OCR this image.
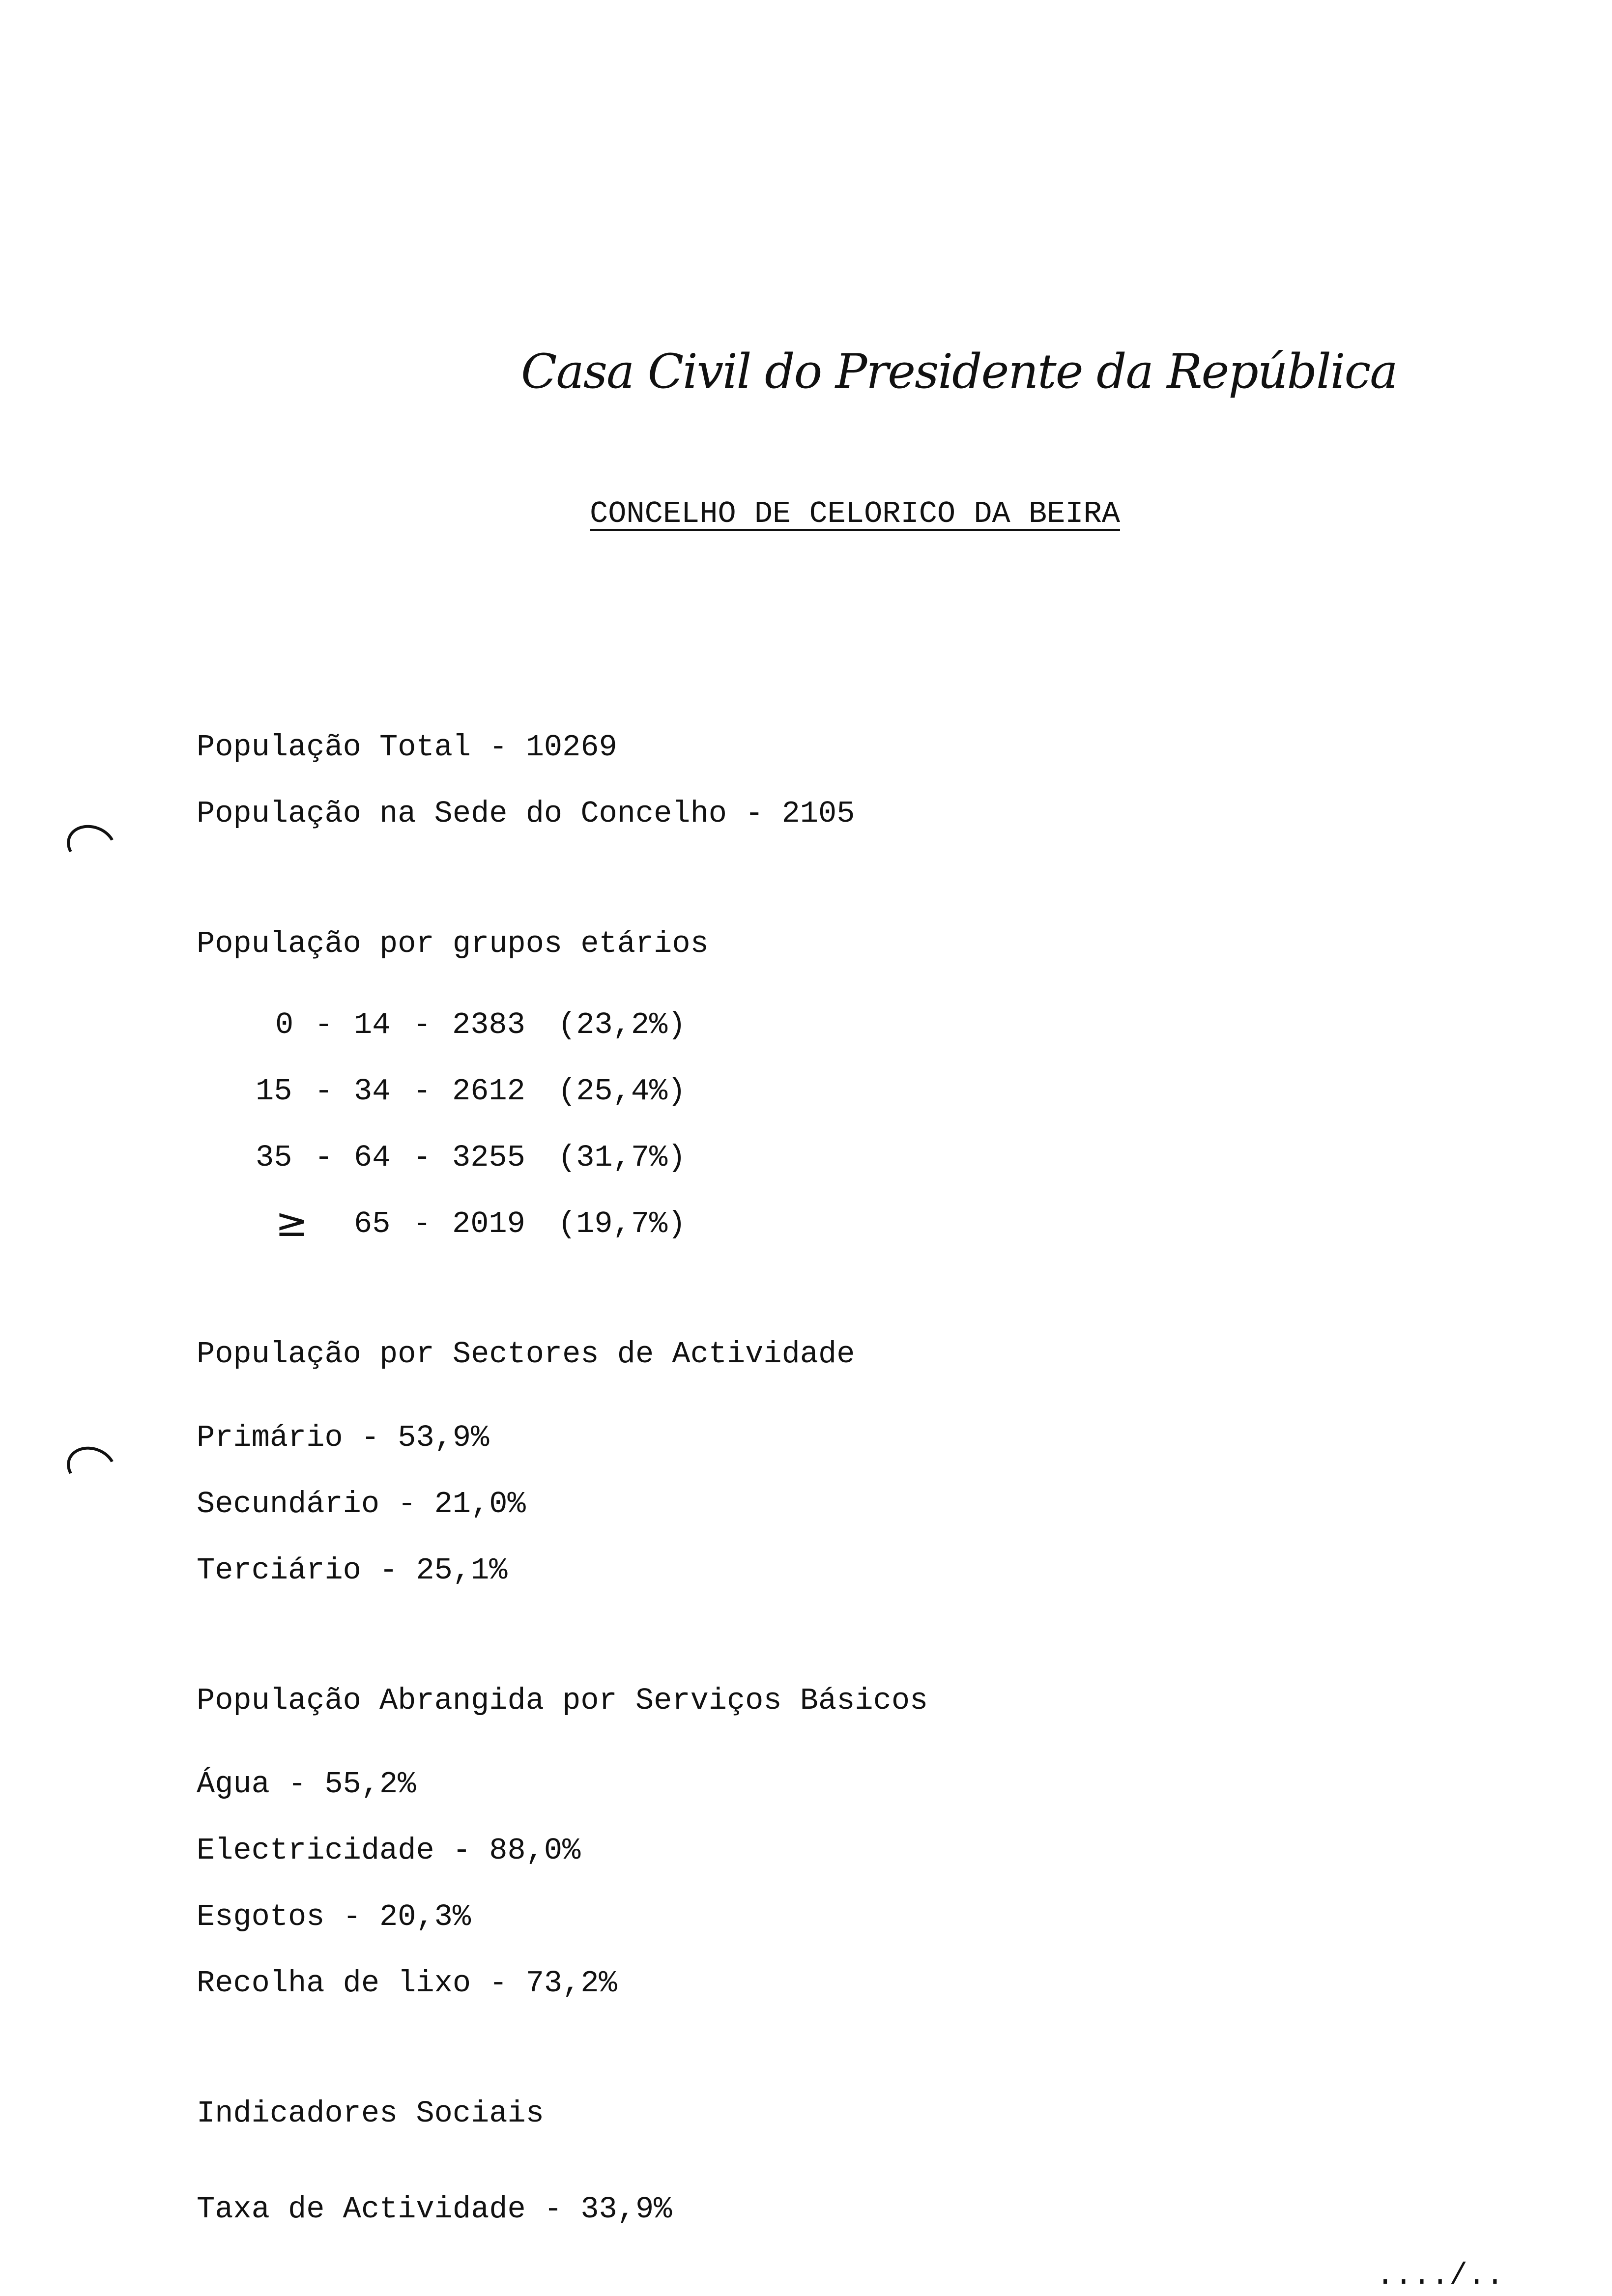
Casa Civil do Presidente da República
CONCELHO DE CELORICO DA BEIRA
População Total - 10269
População na Sede do Concelho - 2105
População por grupos etários
0 - 14 - 2383 (23,2%)
15 - 34 - 2612 (25,4%)
35 - 64 - 3255 (31,7%)
≥ 65 - 2019 (19,7%)
População por Sectores de Actividade
Primário - 53,9%
Secundário - 21,0%
Terciário - 25,1%
População Abrangida por Serviços Básicos
Água - 55,2%
Electricidade - 88,0%
Esgotos - 20,3%
Recolha de lixo - 73,2%
Indicadores Sociais
Taxa de Actividade - 33,9%
..../..
